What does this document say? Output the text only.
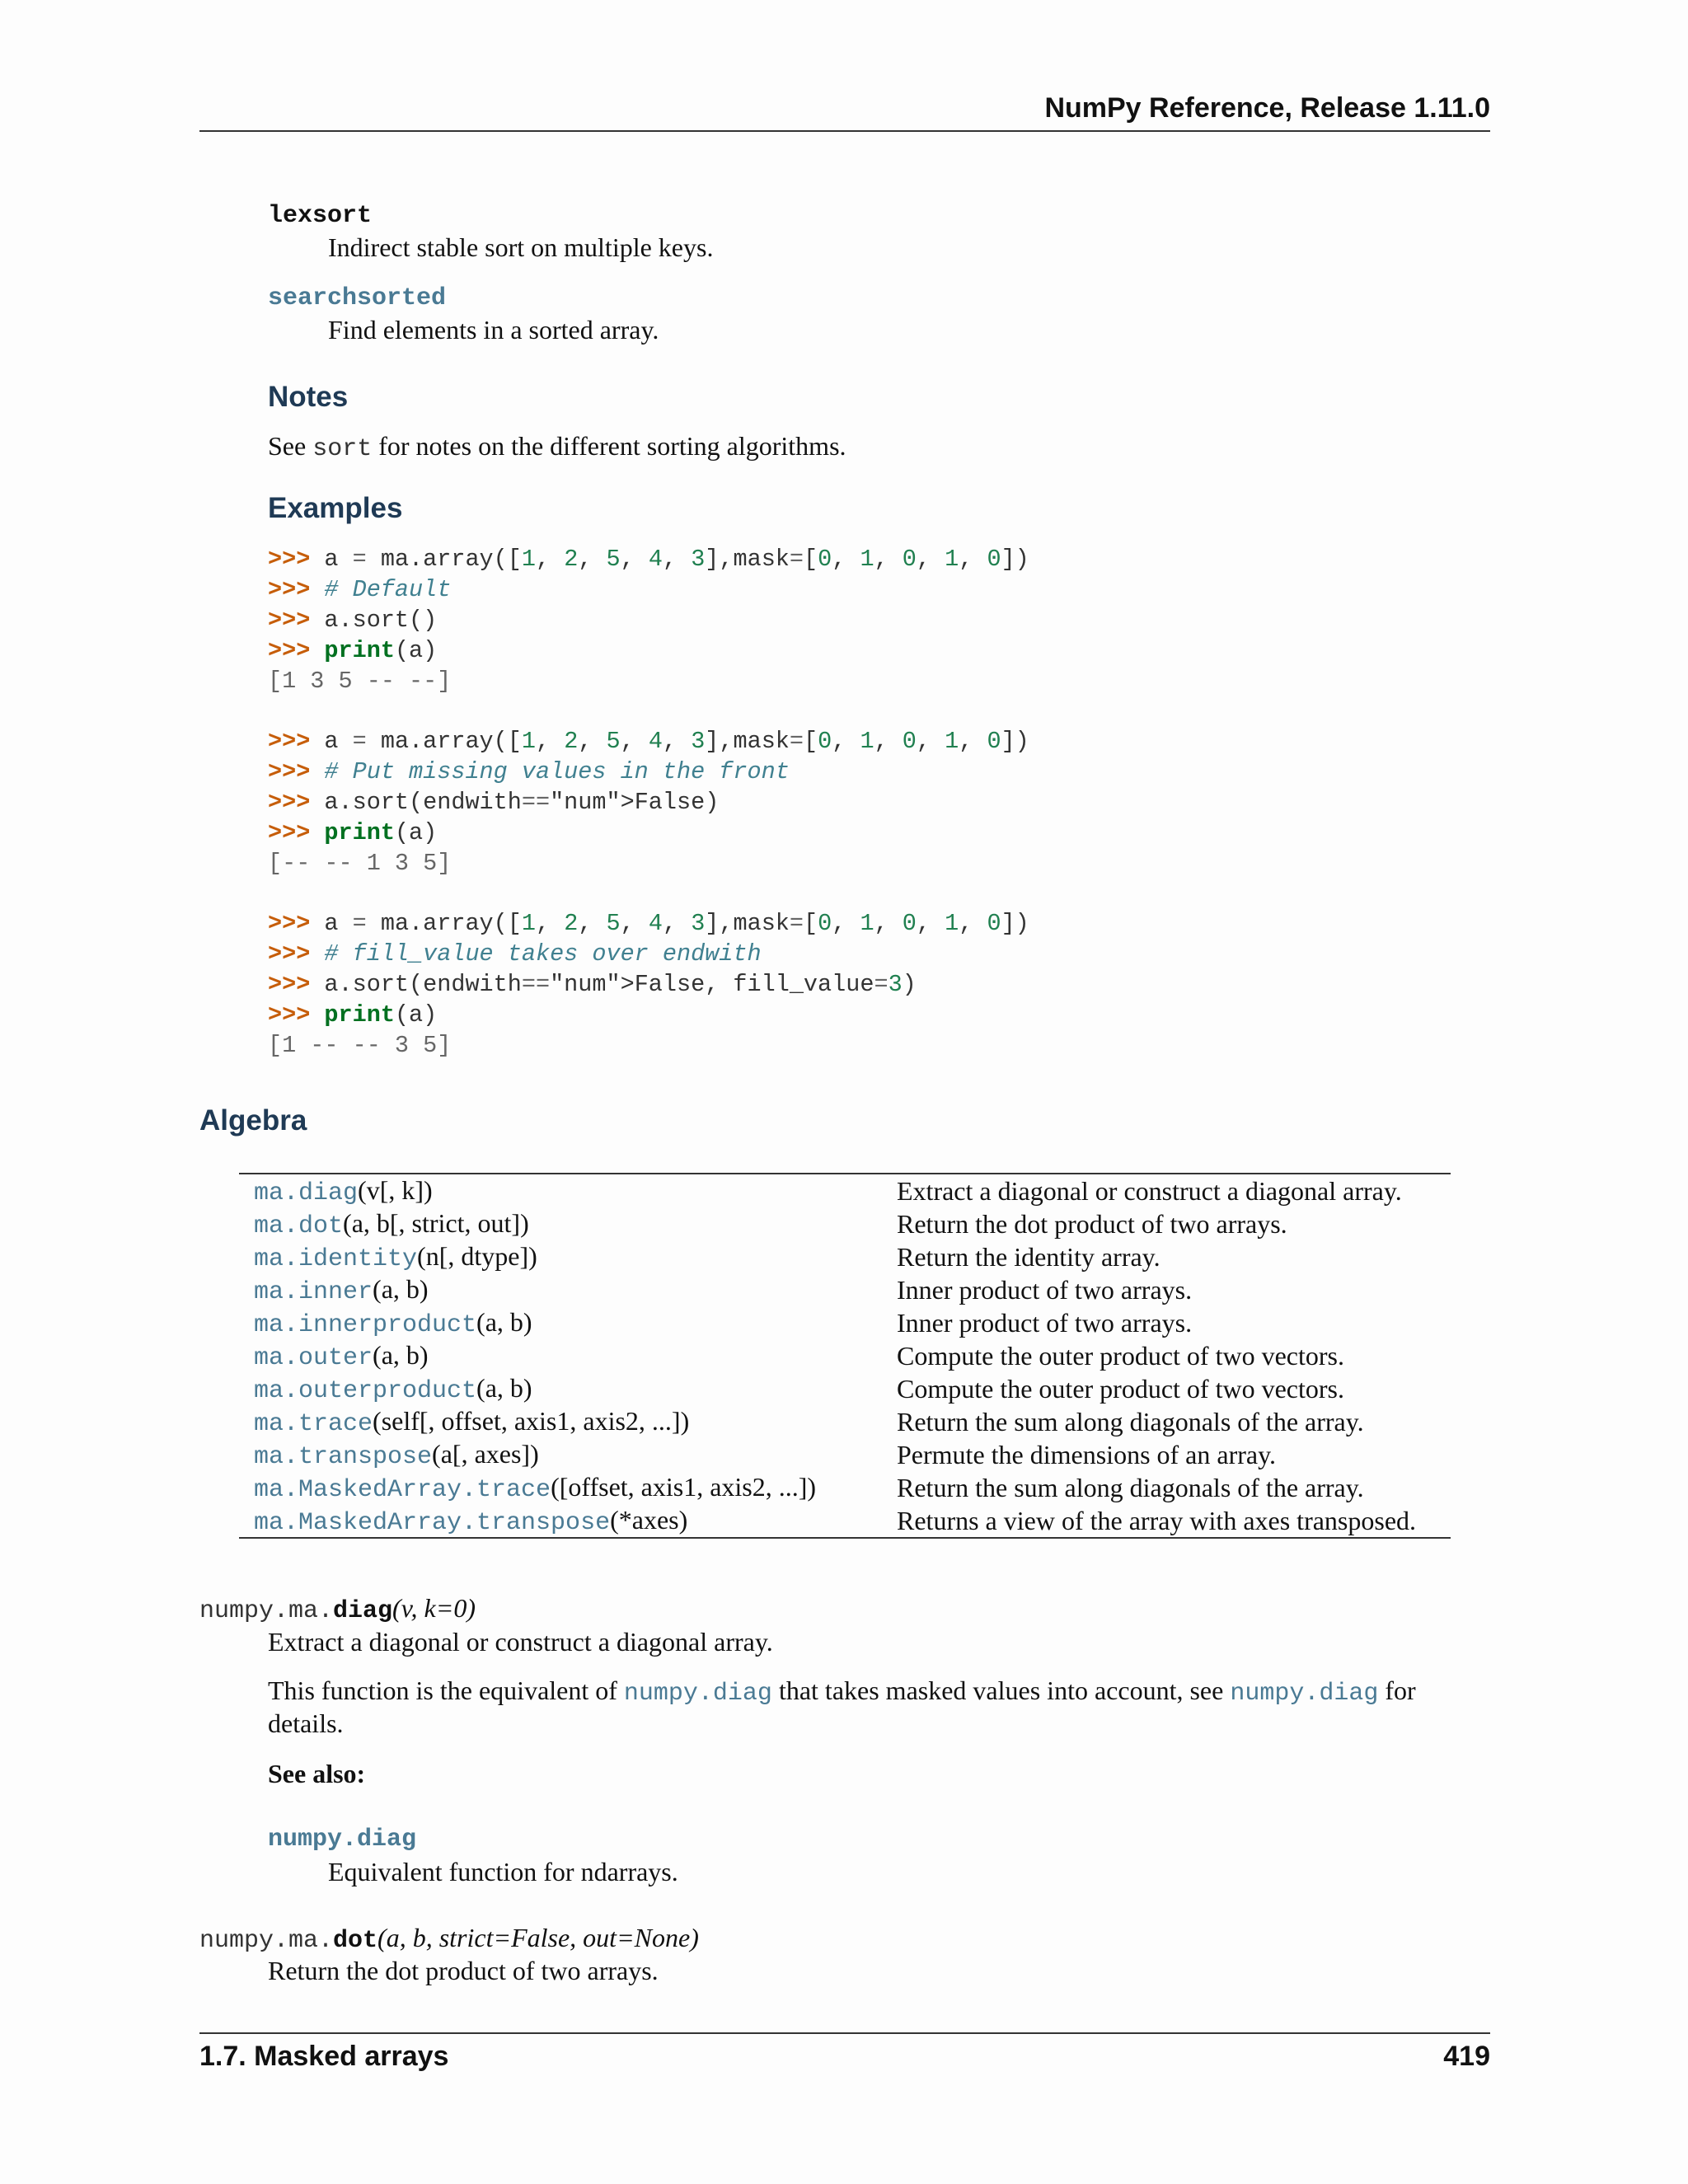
NumPy Reference, Release 1.11.0
lexsort
Indirect stable sort on multiple keys.
searchsorted
Find elements in a sorted array.
Notes
See sort for notes on the different sorting algorithms.
Examples
>>> a = ma.array([1, 2, 5, 4, 3],mask=[0, 1, 0, 1, 0])
>>> # Default
>>> a.sort()
>>> print(a)
[1 3 5 -- --]
>>> a = ma.array([1, 2, 5, 4, 3],mask=[0, 1, 0, 1, 0])
>>> # Put missing values in the front
>>> a.sort(endwith=="num">False)
>>> print(a)
[-- -- 1 3 5]
>>> a = ma.array([1, 2, 5, 4, 3],mask=[0, 1, 0, 1, 0])
>>> # fill_value takes over endwith
>>> a.sort(endwith=="num">False, fill_value=3)
>>> print(a)
[1 -- -- 3 5]
Algebra
ma.diag(v[, k])	Extract a diagonal or construct a diagonal array.
ma.dot(a, b[, strict, out])	Return the dot product of two arrays.
ma.identity(n[, dtype])	Return the identity array.
ma.inner(a, b)	Inner product of two arrays.
ma.innerproduct(a, b)	Inner product of two arrays.
ma.outer(a, b)	Compute the outer product of two vectors.
ma.outerproduct(a, b)	Compute the outer product of two vectors.
ma.trace(self[, offset, axis1, axis2, ...])	Return the sum along diagonals of the array.
ma.transpose(a[, axes])	Permute the dimensions of an array.
ma.MaskedArray.trace([offset, axis1, axis2, ...])	Return the sum along diagonals of the array.
ma.MaskedArray.transpose(*axes)	Returns a view of the array with axes transposed.
numpy.ma.diag(v, k=0)
Extract a diagonal or construct a diagonal array.
This function is the equivalent of numpy.diag that takes masked values into account, see numpy.diag for
details.
See also:
numpy.diag
Equivalent function for ndarrays.
numpy.ma.dot(a, b, strict=False, out=None)
Return the dot product of two arrays.
1.7. Masked arrays	419
